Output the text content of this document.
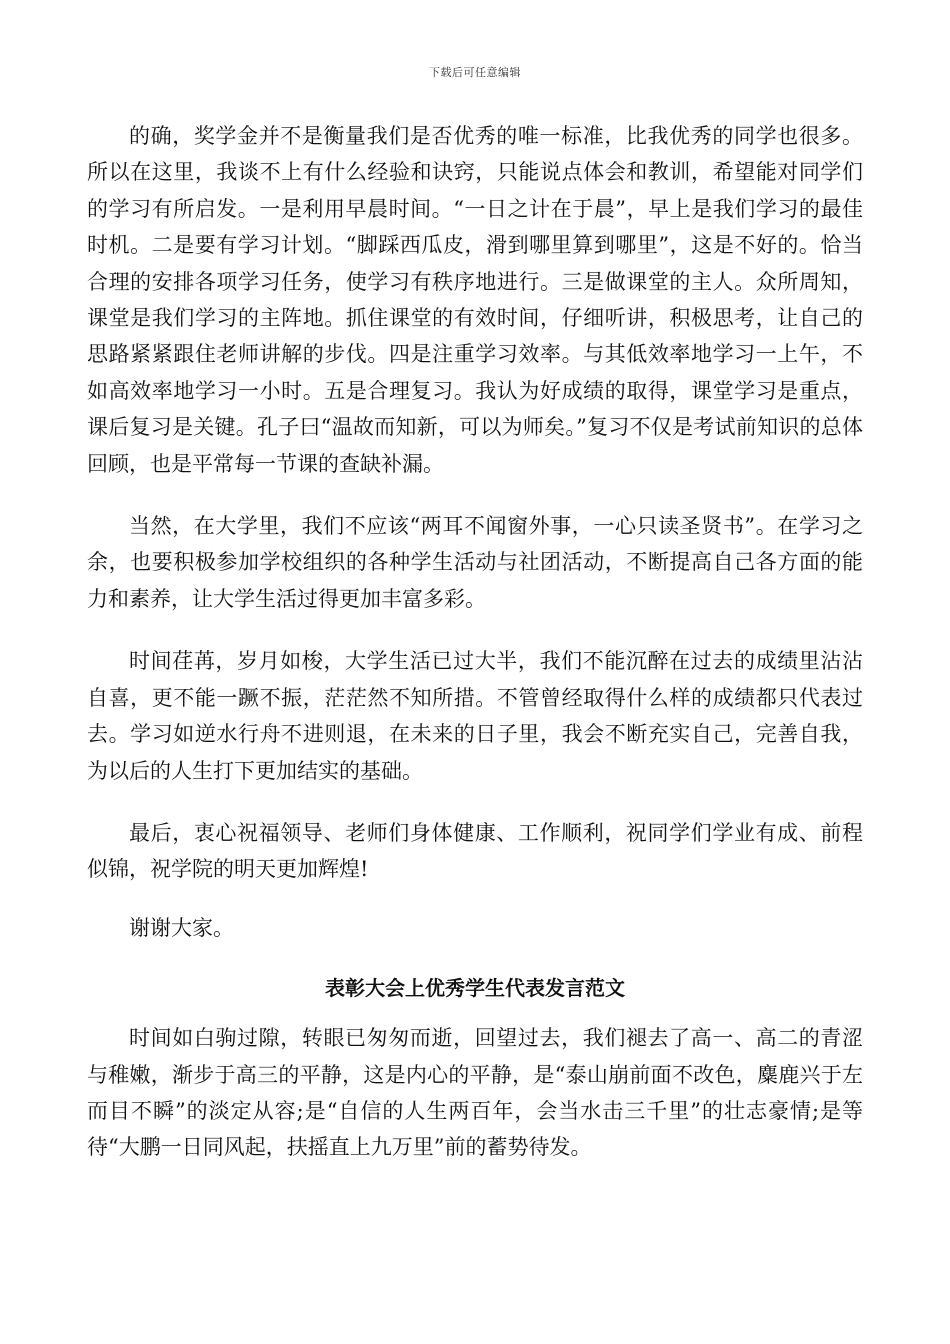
下载后可任意编辑

的确，奖学金并不是衡量我们是否优秀的唯一标准，比我优秀的同学也很多。所以在这里，我谈不上有什么经验和诀窍，只能说点体会和教训，希望能对同学们的学习有所启发。一是利用早晨时间。“一日之计在于晨”，早上是我们学习的最佳时机。二是要有学习计划。“脚踩西瓜皮，滑到哪里算到哪里”，这是不好的。恰当合理的安排各项学习任务，使学习有秩序地进行。三是做课堂的主人。众所周知，课堂是我们学习的主阵地。抓住课堂的有效时间，仔细听讲，积极思考，让自己的思路紧紧跟住老师讲解的步伐。四是注重学习效率。与其低效率地学习一上午，不如高效率地学习一小时。五是合理复习。我认为好成绩的取得，课堂学习是重点，课后复习是关键。孔子曰“温故而知新，可以为师矣。”复习不仅是考试前知识的总体回顾，也是平常每一节课的查缺补漏。

当然，在大学里，我们不应该“两耳不闻窗外事，一心只读圣贤书”。在学习之余，也要积极参加学校组织的各种学生活动与社团活动，不断提高自己各方面的能力和素养，让大学生活过得更加丰富多彩。

时间荏苒，岁月如梭，大学生活已过大半，我们不能沉醉在过去的成绩里沾沾自喜，更不能一蹶不振，茫茫然不知所措。不管曾经取得什么样的成绩都只代表过去。学习如逆水行舟不进则退，在未来的日子里，我会不断充实自己，完善自我，为以后的人生打下更加结实的基础。

最后，衷心祝福领导、老师们身体健康、工作顺利，祝同学们学业有成、前程似锦，祝学院的明天更加辉煌!

谢谢大家。

表彰大会上优秀学生代表发言范文

时间如白驹过隙，转眼已匆匆而逝，回望过去，我们褪去了高一、高二的青涩与稚嫩，渐步于高三的平静，这是内心的平静，是“泰山崩前面不改色，麋鹿兴于左而目不瞬”的淡定从容;是“自信的人生两百年，会当水击三千里”的壮志豪情;是等待“大鹏一日同风起，扶摇直上九万里”前的蓄势待发。
